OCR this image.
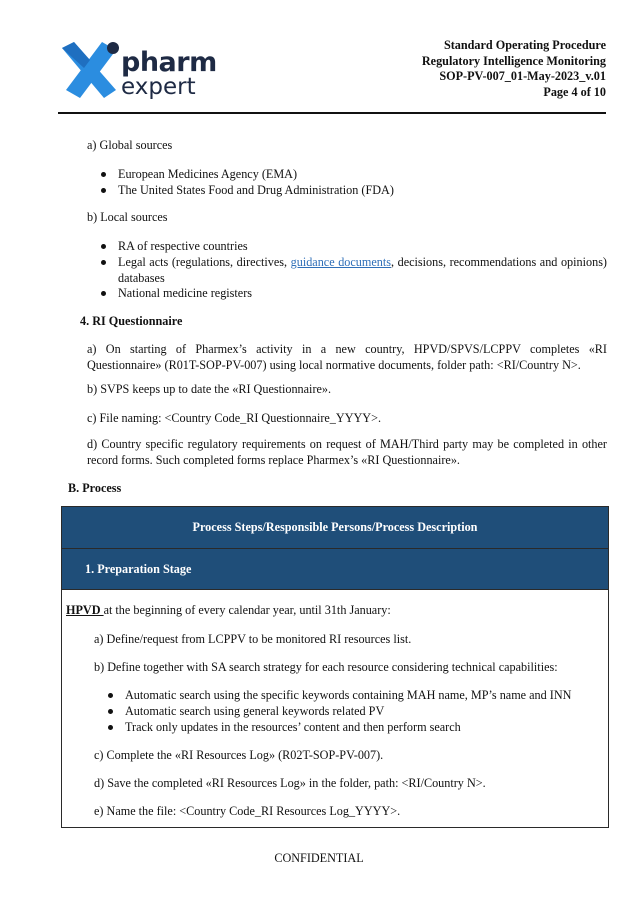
pharm
expert
Standard Operating Procedure
Regulatory Intelligence Monitoring
SOP-PV-007_01-May-2023_v.01
Page 4 of 10
a) Global sources
European Medicines Agency (EMA)
The United States Food and Drug Administration (FDA)
b) Local sources
RA of respective countries
Legal acts (regulations, directives, guidance documents, decisions, recommendations and opinions) databases
National medicine registers
4. RI Questionnaire
a) On starting of Pharmex’s activity in a new country, HPVD/SPVS/LCPPV completes «RI Questionnaire» (R01T-SOP-PV-007) using local normative documents, folder path: <RI/Country N>.
b) SVPS keeps up to date the «RI Questionnaire».
c) File naming: <Country Code_RI Questionnaire_YYYY>.
d) Country specific regulatory requirements on request of MAH/Third party may be completed in other record forms. Such completed forms replace Pharmex’s «RI Questionnaire».
B. Process
Process Steps/Responsible Persons/Process Description
1. Preparation Stage
HPVD at the beginning of every calendar year, until 31th January:
a) Define/request from LCPPV to be monitored RI resources list.
b) Define together with SA search strategy for each resource considering technical capabilities:
Automatic search using the specific keywords containing MAH name, MP’s name and INN
Automatic search using general keywords related PV
Track only updates in the resources’ content and then perform search
c) Complete the «RI Resources Log» (R02T-SOP-PV-007).
d) Save the completed «RI Resources Log» in the folder, path: <RI/Country N>.
e) Name the file: <Country Code_RI Resources Log_YYYY>.
CONFIDENTIAL
